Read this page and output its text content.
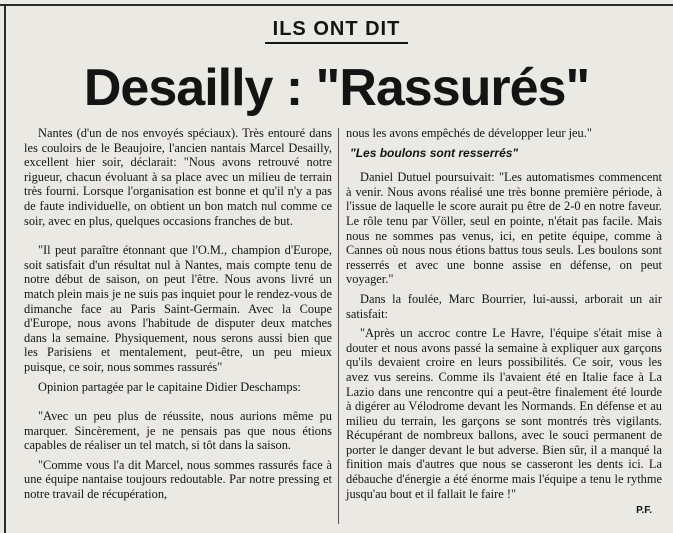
ILS ONT DIT
Desailly : "Rassurés"

Nantes (d'un de nos envoyés spéciaux). Très entouré dans les couloirs de le Beaujoire, l'ancien nantais Marcel Desailly, excellent hier soir, déclarait: "Nous avons retrouvé notre rigueur, chacun évoluant à sa place avec un milieu de terrain très fourni. Lorsque l'organisation est bonne et qu'il n'y a pas de faute individuelle, on obtient un bon match nul comme ce soir, avec en plus, quelques occasions franches de but.

"Il peut paraître étonnant que l'O.M., champion d'Europe, soit satisfait d'un résultat nul à Nantes, mais compte tenu de notre début de saison, on peut l'être. Nous avons livré un match plein mais je ne suis pas inquiet pour le rendez-vous de dimanche face au Paris Saint-Germain. Avec la Coupe d'Europe, nous avons l'habitude de disputer deux matches dans la semaine. Physiquement, nous serons aussi bien que les Parisiens et mentalement, peut-être, un peu mieux puisque, ce soir, nous sommes rassurés"

Opinion partagée par le capitaine Didier Deschamps:

"Avec un peu plus de réussite, nous aurions même pu marquer. Sincèrement, je ne pensais pas que nous étions capables de réaliser un tel match, si tôt dans la saison.

"Comme vous l'a dit Marcel, nous sommes rassurés face à une équipe nantaise toujours redoutable. Par notre pressing et notre travail de récupération,

nous les avons empêchés de développer leur jeu."

"Les boulons sont resserrés"

Daniel Dutuel poursuivait: "Les automatismes commencent à venir. Nous avons réalisé une très bonne première période, à l'issue de laquelle le score aurait pu être de 2-0 en notre faveur. Le rôle tenu par Völler, seul en pointe, n'était pas facile. Mais nous ne sommes pas venus, ici, en petite équipe, comme à Cannes où nous nous étions battus tous seuls. Les boulons sont resserrés et avec une bonne assise en défense, on peut voyager."

Dans la foulée, Marc Bourrier, lui-aussi, arborait un air satisfait:

"Après un accroc contre Le Havre, l'équipe s'était mise à douter et nous avons passé la semaine à expliquer aux garçons qu'ils devaient croire en leurs possibilités. Ce soir, vous les avez vus sereins. Comme ils l'avaient été en Italie face à La Lazio dans une rencontre qui a peut-être finalement été lourde à digérer au Vélodrome devant les Normands. En défense et au milieu du terrain, les garçons se sont montrés très vigilants. Récupérant de nombreux ballons, avec le souci permanent de porter le danger devant le but adverse. Bien sûr, il a manqué la finition mais d'autres que nous se casseront les dents ici. La débauche d'énergie a été énorme mais l'équipe a tenu le rythme jusqu'au bout et il fallait le faire !"

P.F.
